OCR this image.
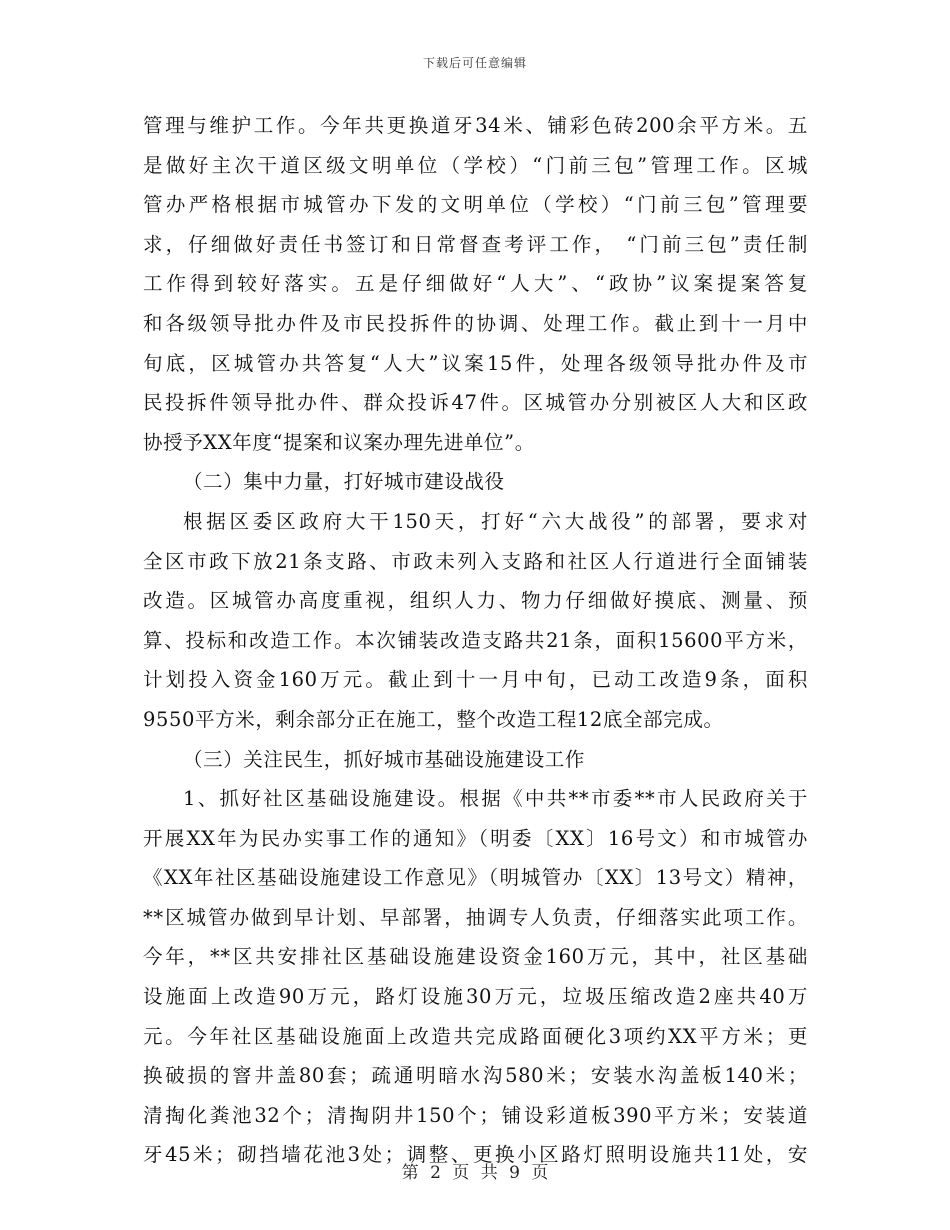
下载后可任意编辑
管理与维护工作。今年共更换道牙34米、铺彩色砖200余平方米。五
是做好主次干道区级文明单位（学校）“门前三包”管理工作。区城
管办严格根据市城管办下发的文明单位（学校）“门前三包”管理要
求，仔细做好责任书签订和日常督查考评工作， “门前三包”责任制
工作得到较好落实。五是仔细做好“人大”、“政协”议案提案答复
和各级领导批办件及市民投拆件的协调、处理工作。截止到十一月中
旬底，区城管办共答复“人大”议案15件，处理各级领导批办件及市
民投拆件领导批办件、群众投诉47件。区城管办分别被区人大和区政
协授予XX年度“提案和议案办理先进单位”。
（二）集中力量，打好城市建设战役
根据区委区政府大干150天，打好“六大战役”的部署，要求对
全区市政下放21条支路、市政未列入支路和社区人行道进行全面铺装
改造。区城管办高度重视，组织人力、物力仔细做好摸底、测量、预
算、投标和改造工作。本次铺装改造支路共21条，面积15600平方米，
计划投入资金160万元。截止到十一月中旬，已动工改造9条，面积
9550平方米，剩余部分正在施工，整个改造工程12底全部完成。
（三）关注民生，抓好城市基础设施建设工作
1、抓好社区基础设施建设。根据《中共**市委**市人民政府关于
开展XX年为民办实事工作的通知》（明委〔XX〕16号文）和市城管办
《XX年社区基础设施建设工作意见》（明城管办〔XX〕13号文）精神，
**区城管办做到早计划、早部署，抽调专人负责，仔细落实此项工作。
今年，**区共安排社区基础设施建设资金160万元，其中，社区基础
设施面上改造90万元，路灯设施30万元，垃圾压缩改造2座共40万
元。今年社区基础设施面上改造共完成路面硬化3项约XX平方米；更
换破损的窨井盖80套；疏通明暗水沟580米；安装水沟盖板140米；
清掏化粪池32个；清掏阴井150个；铺设彩道板390平方米；安装道
牙45米；砌挡墙花池3处；调整、更换小区路灯照明设施共11处，安
第 2 页 共 9 页
